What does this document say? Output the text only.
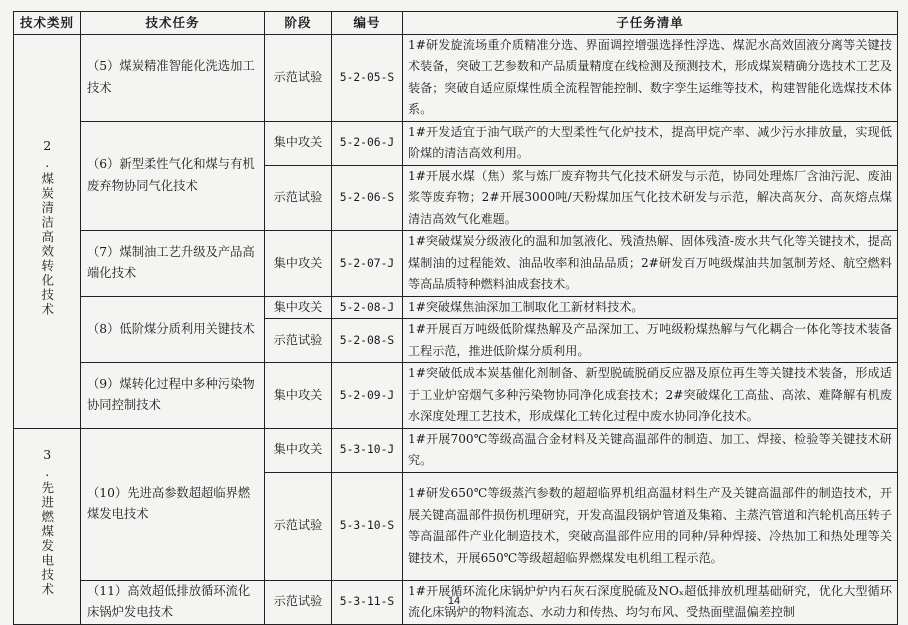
技术类别	技术任务	阶段	编号	子任务清单
2.煤炭清洁高效转化技术	（5）煤炭精准智能化洗选加工技术	示范试验	5-2-05-S	1#研发旋流场重介质精准分选、界面调控增强选择性浮选、煤泥水高效固液分离等关键技术装备，突破工艺参数和产品质量精度在线检测及预测技术，形成煤炭精确分选技术工艺及装备；突破自适应原煤性质全流程智能控制、数字孪生运维等技术，构建智能化选煤技术体系。
	（6）新型柔性气化和煤与有机废弃物协同气化技术	集中攻关	5-2-06-J	1#开发适宜于油气联产的大型柔性气化炉技术，提高甲烷产率、减少污水排放量，实现低阶煤的清洁高效利用。
		示范试验	5-2-06-S	1#开展水煤（焦）浆与炼厂废弃物共气化技术研发与示范，协同处理炼厂含油污泥、废油浆等废弃物；2#开展3000吨/天粉煤加压气化技术研发与示范，解决高灰分、高灰熔点煤清洁高效气化难题。
	（7）煤制油工艺升级及产品高端化技术	集中攻关	5-2-07-J	1#突破煤炭分级液化的温和加氢液化、残渣热解、固体残渣-废水共气化等关键技术，提高煤制油的过程能效、油品收率和油品品质；2#研发百万吨级煤油共加氢制芳烃、航空燃料等高品质特种燃料油成套技术。
	（8）低阶煤分质利用关键技术	集中攻关	5-2-08-J	1#突破煤焦油深加工制取化工新材料技术。
		示范试验	5-2-08-S	1#开展百万吨级低阶煤热解及产品深加工、万吨级粉煤热解与气化耦合一体化等技术装备工程示范，推进低阶煤分质利用。
	（9）煤转化过程中多种污染物协同控制技术	集中攻关	5-2-09-J	1#突破低成本炭基催化剂制备、新型脱硫脱硝反应器及原位再生等关键技术装备，形成适于工业炉窑烟气多种污染物协同净化成套技术；2#突破煤化工高盐、高浓、难降解有机废水深度处理工艺技术，形成煤化工转化过程中废水协同净化技术。

3.先进燃煤发电技术	（10）先进高参数超超临界燃煤发电技术	集中攻关	5-3-10-J	1#开展700℃等级高温合金材料及关键高温部件的制造、加工、焊接、检验等关键技术研究。
		示范试验	5-3-10-S	1#研发650℃等级蒸汽参数的超超临界机组高温材料生产及关键高温部件的制造技术，开展关键高温部件损伤机理研究，开发高温段锅炉管道及集箱、主蒸汽管道和汽轮机高压转子等高温部件产业化制造技术，突破高温部件应用的同种/异种焊接、冷热加工和热处理等关键技术，开展650℃等级超超临界燃煤发电机组工程示范。
	（11）高效超低排放循环流化床锅炉发电技术	示范试验	5-3-11-S	1#开展循环流化床锅炉炉内石灰石深度脱硫及NOₓ超低排放机理基础研究，优化大型循环流化床锅炉的物料流态、水动力和传热、均匀布风、受热面壁温偏差控制
14
